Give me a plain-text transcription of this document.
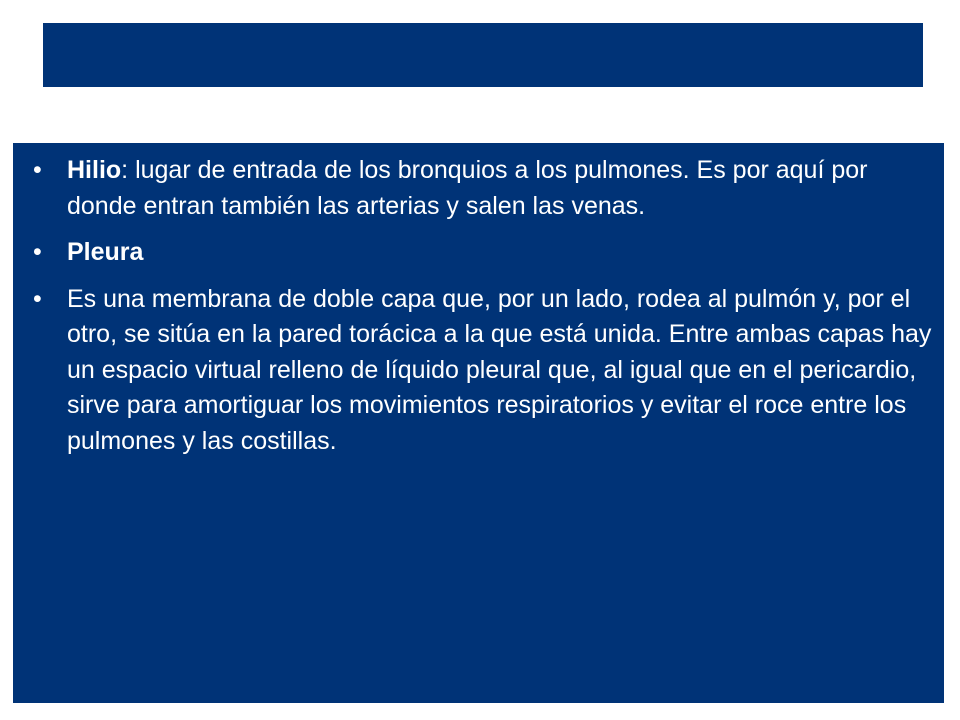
•	Hilio: lugar de entrada de los bronquios a los pulmones. Es por aquí por donde entran también las arterias y salen las venas.
•	Pleura
•	Es una membrana de doble capa que, por un lado, rodea al pulmón y, por el otro, se sitúa en la pared torácica a la que está unida. Entre ambas capas hay un espacio virtual relleno de líquido pleural que, al igual que en el pericardio, sirve para amortiguar los movimientos respiratorios y evitar el roce entre los pulmones y las costillas.
